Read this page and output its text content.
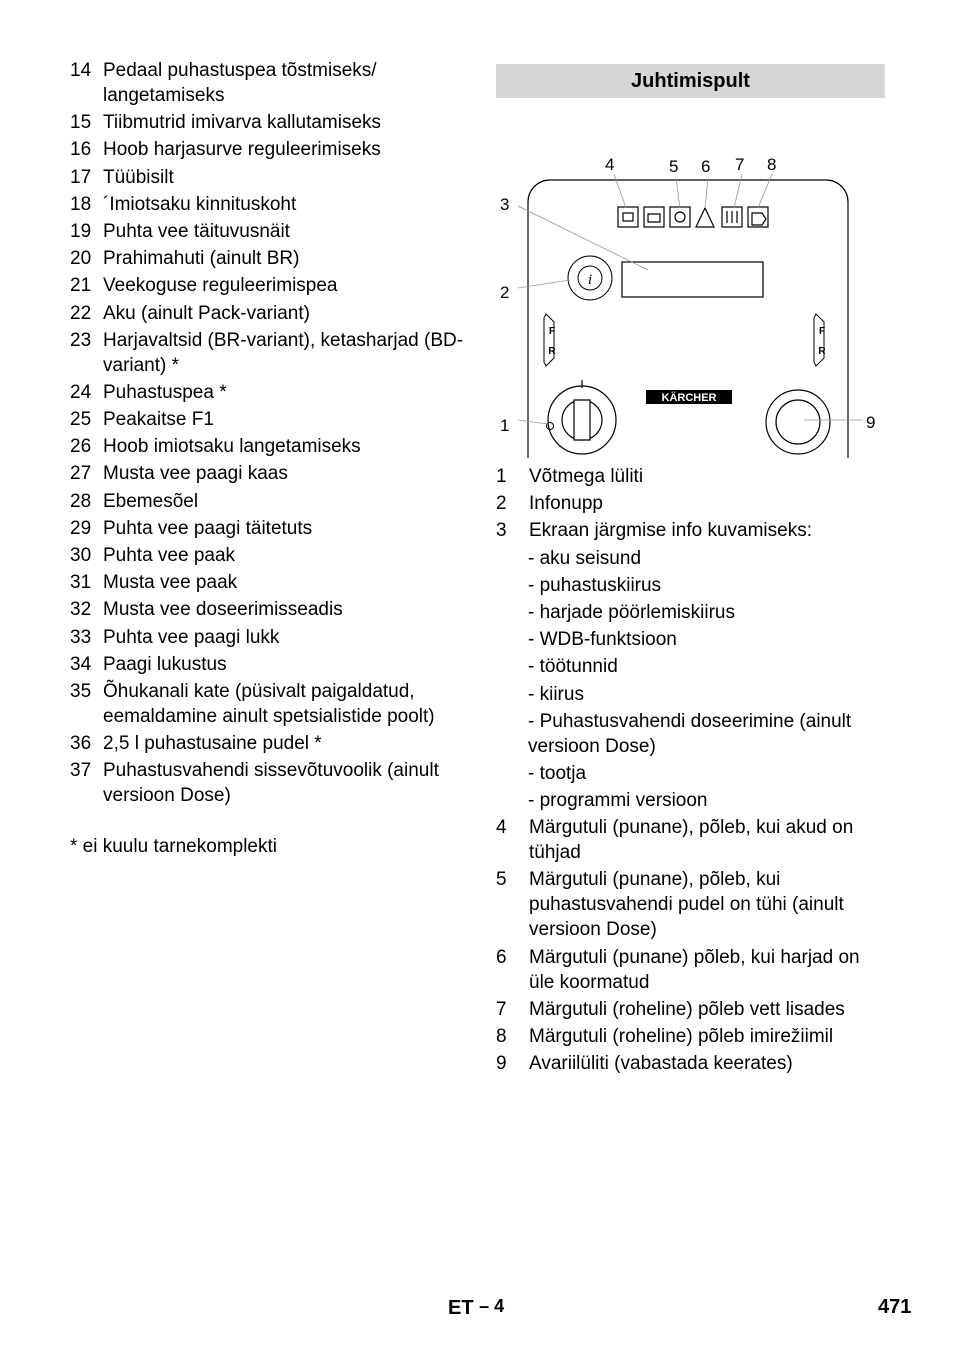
14 Pedaal puhastuspea tõstmiseks/ langetamiseks
15 Tiibmutrid imivarva kallutamiseks
16 Hoob harjasurve reguleerimiseks
17 Tüübisilt
18 ´Imiotsaku kinnituskoht
19 Puhta vee täituvusnäit
20 Prahimahuti (ainult BR)
21 Veekoguse reguleerimispea
22 Aku (ainult Pack-variant)
23 Harjavaltsid (BR-variant), ketasharjad (BD-variant) *
24 Puhastuspea *
25 Peakaitse F1
26 Hoob imiotsaku langetamiseks
27 Musta vee paagi kaas
28 Ebemesõel
29 Puhta vee paagi täitetuts
30 Puhta vee paak
31 Musta vee paak
32 Musta vee doseerimisseadis
33 Puhta vee paagi lukk
34 Paagi lukustus
35 Õhukanali kate (püsivalt paigaldatud, eemaldamine ainult spetsialistide poolt)
36 2,5 l puhastusaine pudel *
37 Puhastusvahendi sissevõtuvoolik (ainult versioon Dose)
* ei kuulu tarnekomplekti
Juhtimispult
i
F
R
F
R
KÄRCHER
1
2
3
4	5 6 7 8
9
1	Võtmega lüliti
2	Infonupp
3	Ekraan järgmise info kuvamiseks:
- aku seisund
- puhastuskiirus
- harjade pöörlemiskiirus
- WDB-funktsioon
- töötunnid
- kiirus
- Puhastusvahendi doseerimine (ainult versioon Dose)
- tootja
- programmi versioon
4	Märgutuli (punane), põleb, kui akud on tühjad
5	Märgutuli (punane), põleb, kui puhastusvahendi pudel on tühi (ainult versioon Dose)
6	Märgutuli (punane) põleb, kui harjad on üle koormatud
7	Märgutuli (roheline) põleb vett lisades
8	Märgutuli (roheline) põleb imirežiimil
9	Avariilüliti (vabastada keerates)
ET – 4	471
